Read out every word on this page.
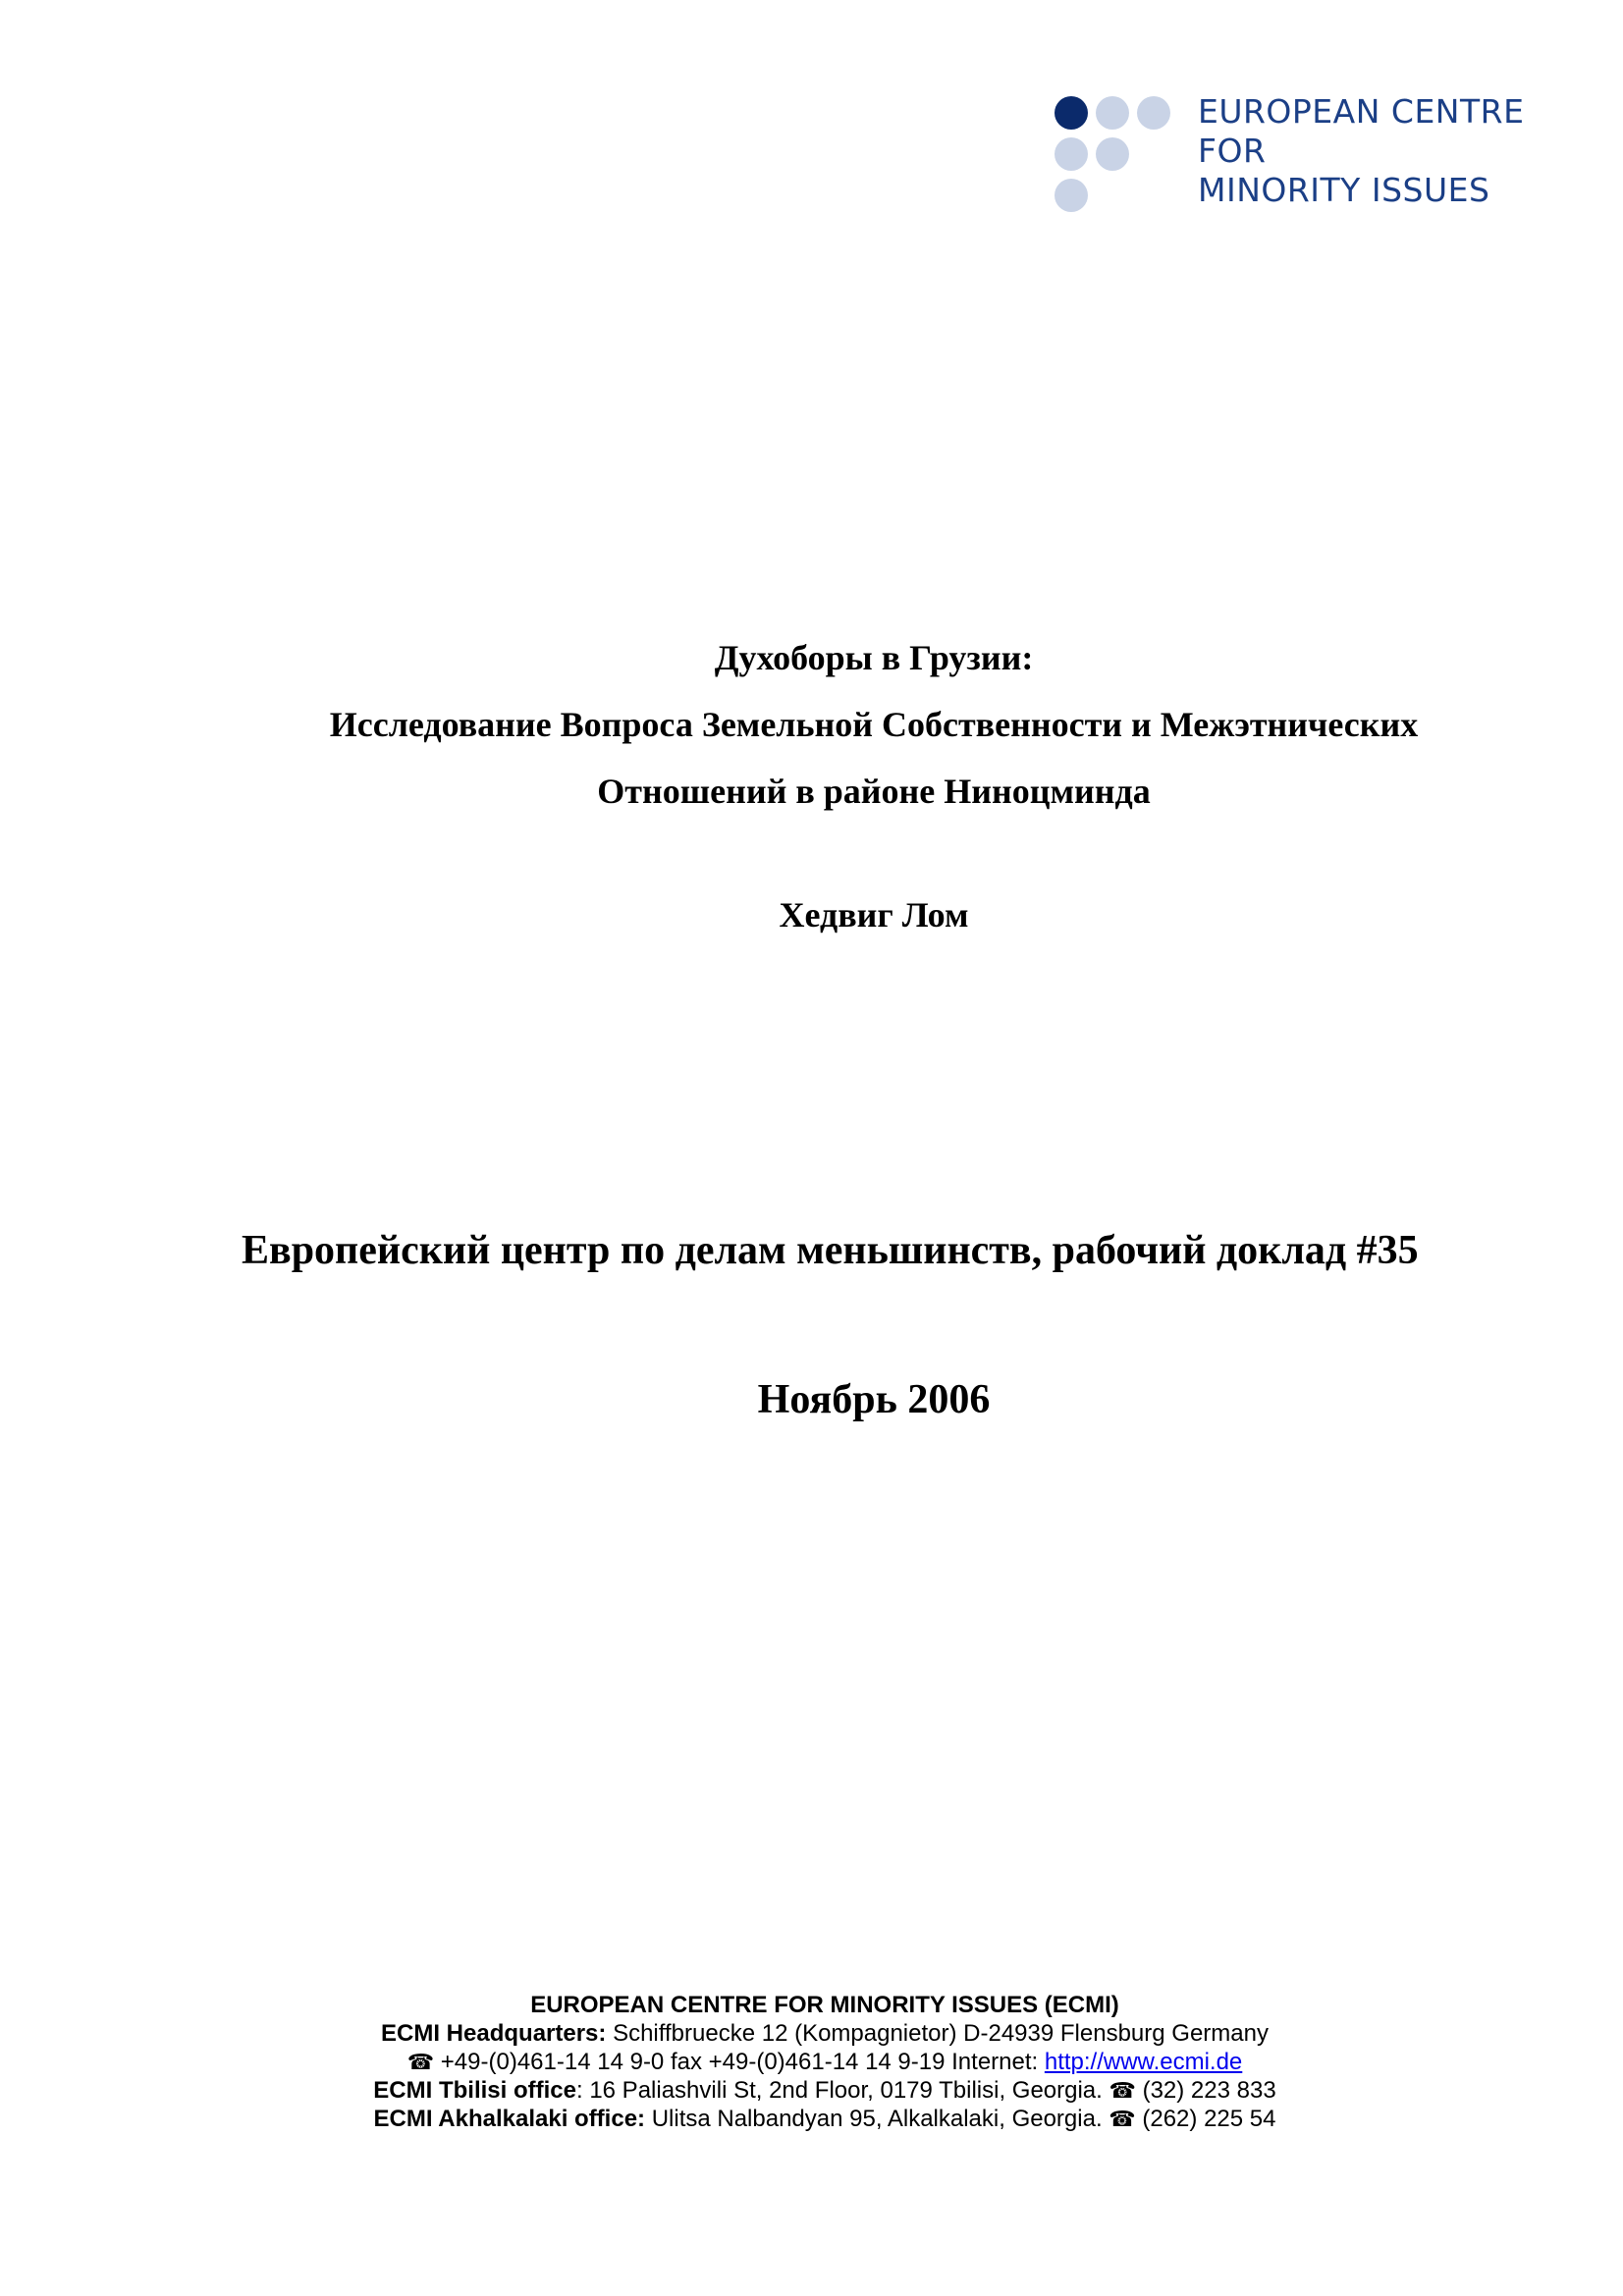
EUROPEAN CENTRE
FOR
MINORITY ISSUES
Духоборы в Грузии:
Исследование Вопроса Земельной Собственности и Межэтнических
Отношений в районе Ниноцминда
Хедвиг Лом
Европейский центр по делам меньшинств, рабочий доклад #35
Ноябрь 2006
EUROPEAN CENTRE FOR MINORITY ISSUES (ECMI)
ECMI Headquarters: Schiffbruecke 12 (Kompagnietor) D-24939 Flensburg Germany
☎ +49-(0)461-14 14 9-0 fax +49-(0)461-14 14 9-19 Internet: http://www.ecmi.de
ECMI Tbilisi office: 16 Paliashvili St, 2nd Floor, 0179 Tbilisi, Georgia. ☎ (32) 223 833
ECMI Akhalkalaki office: Ulitsa Nalbandyan 95, Alkalkalaki, Georgia. ☎ (262) 225 54
